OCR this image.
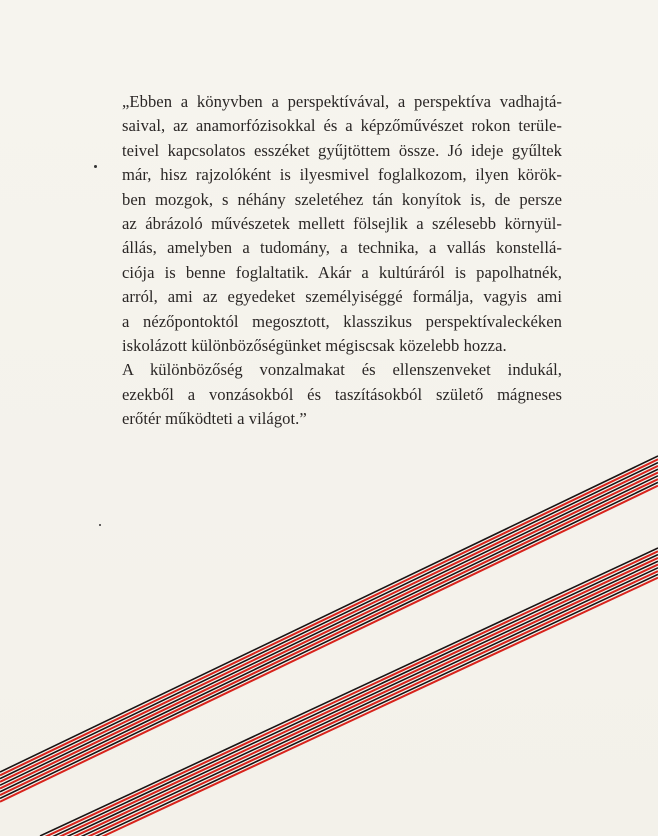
„Ebben a könyvben a perspektívával, a perspektíva vadhajtá-
saival, az anamorfózisokkal és a képzőművészet rokon terüle-
teivel kapcsolatos esszéket gyűjtöttem össze. Jó ideje gyűltek
már, hisz rajzolóként is ilyesmivel foglalkozom, ilyen körök-
ben mozgok, s néhány szeletéhez tán konyítok is, de persze
az ábrázoló művészetek mellett fölsejlik a szélesebb környül-
állás, amelyben a tudomány, a technika, a vallás konstellá-
ciója is benne foglaltatik. Akár a kultúráról is papolhatnék,
arról, ami az egyedeket személyiséggé formálja, vagyis ami
a nézőpontoktól megosztott, klasszikus perspektívaleckéken
iskolázott különbözőségünket mégiscsak közelebb hozza.
A különbözőség vonzalmakat és ellenszenveket indukál,
ezekből a vonzásokból és taszításokból születő mágneses
erőtér működteti a világot.”
